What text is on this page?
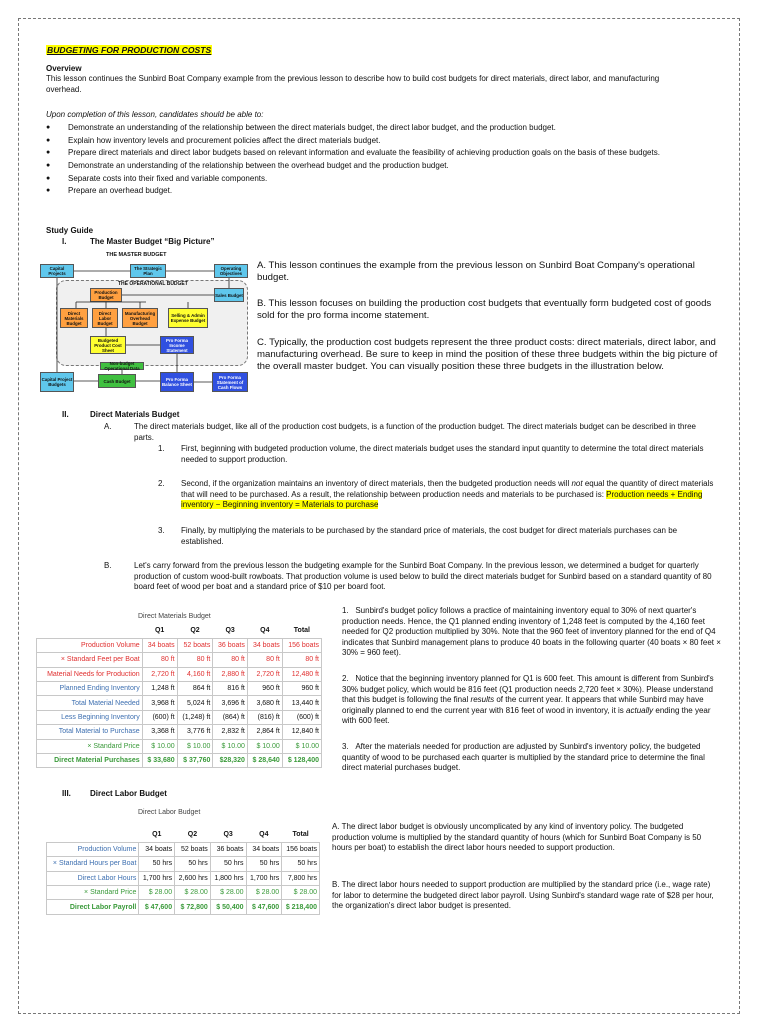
BUDGETING FOR PRODUCTION COSTS
Overview
This lesson continues the Sunbird Boat Company example from the previous lesson to describe how to build cost budgets for direct materials, direct labor, and manufacturing overhead.
Upon completion of this lesson, candidates should be able to:
● Demonstrate an understanding of the relationship between the direct materials budget, the direct labor budget, and the production budget.
● Explain how inventory levels and procurement policies affect the direct materials budget.
● Prepare direct materials and direct labor budgets based on relevant information and evaluate the feasibility of achieving production goals on the basis of these budgets.
● Demonstrate an understanding of the relationship between the overhead budget and the production budget.
● Separate costs into their fixed and variable components.
● Prepare an overhead budget.
Study Guide
I.	The Master Budget “Big Picture”
THE MASTER BUDGET
Capital Projects
The Strategic Plan
Operating Objectives
THE OPERATIONAL BUDGET
Production Budget	Sales Budget
Direct Materials Budget
Direct Labor Budget
Manufacturing Overhead Budget
Selling & Admin Expense Budget
Budgeted Product Cost Sheet
Pro Forma Income Statement
Non-budget Operational Data
Capital Project Budgets
Cash Budget	Pro Forma Balance Sheet
Pro Forma Statement of Cash Flows
A. This lesson continues the example from the previous lesson on Sunbird Boat Company's operational budget.
B. This lesson focuses on building the production cost budgets that eventually form budgeted cost of goods sold for the pro forma income statement.
C. Typically, the production cost budgets represent the three product costs: direct materials, direct labor, and manufacturing overhead. Be sure to keep in mind the position of these three budgets within the big picture of the overall master budget. You can visually position these three budgets in the illustration below.
II.	Direct Materials Budget
A.	The direct materials budget, like all of the production cost budgets, is a function of the production budget. The direct materials budget can be described in three parts.
1. First, beginning with budgeted production volume, the direct materials budget uses the standard input quantity to determine the total direct materials needed to support production.
2. Second, if the organization maintains an inventory of direct materials, then the budgeted production needs will not equal the quantity of direct materials that will need to be purchased. As a result, the relationship between production needs and materials to be purchased is: Production needs + Ending inventory − Beginning inventory = Materials to purchase
3. Finally, by multiplying the materials to be purchased by the standard price of materials, the cost budget for direct materials purchases can be established.
B.	Let's carry forward from the previous lesson the budgeting example for the Sunbird Boat Company. In the previous lesson, we determined a budget for quarterly production of custom wood-built rowboats. That production volume is used below to build the direct materials budget for Sunbird based on a standard quantity of 80 board feet of wood per boat and a standard price of $10 per board foot.
Direct Materials Budget
	Q1	Q2	Q3	Q4	Total
Production Volume	34 boats	52 boats	36 boats	34 boats	156 boats
× Standard Feet per Boat	80 ft	80 ft	80 ft	80 ft	80 ft
Material Needs for Production	2,720 ft	4,160 ft	2,880 ft	2,720 ft	12,480 ft
Planned Ending Inventory	1,248 ft	864 ft	816 ft	960 ft	960 ft
Total Material Needed	3,968 ft	5,024 ft	3,696 ft	3,680 ft	13,440 ft
Less Beginning Inventory	(600) ft	(1,248) ft	(864) ft	(816) ft	(600) ft
Total Material to Purchase	3,368 ft	3,776 ft	2,832 ft	2,864 ft	12,840 ft
× Standard Price	$ 10.00	$ 10.00	$ 10.00	$ 10.00	$ 10.00
Direct Material Purchases	$ 33,680	$ 37,760	$28,320	$ 28,640	$ 128,400
1.   Sunbird's budget policy follows a practice of maintaining inventory equal to 30% of next quarter's production needs. Hence, the Q1 planned ending inventory of 1,248 feet is computed by the 4,160 feet needed for Q2 production multiplied by 30%. Note that the 960 feet of inventory planned for the end of Q4 indicates that Sunbird management plans to produce 40 boats in the following quarter (40 boats × 80 feet × 30% = 960 feet).
2.   Notice that the beginning inventory planned for Q1 is 600 feet. This amount is different from Sunbird's 30% budget policy, which would be 816 feet (Q1 production needs 2,720 feet × 30%). Please understand that this budget is following the final results of the current year. It appears that while Sunbird may have originally planned to end the current year with 816 feet of wood in inventory, it is actually ending the year with 600 feet.
3.   After the materials needed for production are adjusted by Sunbird's inventory policy, the budgeted quantity of wood to be purchased each quarter is multiplied by the standard price to determine the final direct material purchases budget.
III. Direct Labor Budget
Direct Labor Budget
	Q1	Q2	Q3	Q4	Total
Production Volume	34 boats	52 boats	36 boats	34 boats	156 boats
× Standard Hours per Boat	50 hrs	50 hrs	50 hrs	50 hrs	50 hrs
Direct Labor Hours	1,700 hrs	2,600 hrs	1,800 hrs	1,700 hrs	7,800 hrs
× Standard Price	$ 28.00	$ 28.00	$ 28.00	$ 28.00	$ 28.00
Direct Labor Payroll	$ 47,600	$ 72,800	$ 50,400	$ 47,600	$ 218,400
A. The direct labor budget is obviously uncomplicated by any kind of inventory policy. The budgeted production volume is multiplied by the standard quantity of hours (which for Sunbird Boat Company is 50 hours per boat) to establish the direct labor hours needed to support production.
B. The direct labor hours needed to support production are multiplied by the standard price (i.e., wage rate) for labor to determine the budgeted direct labor payroll. Using Sunbird's standard wage rate of $28 per hour, the organization's direct labor budget is presented.
